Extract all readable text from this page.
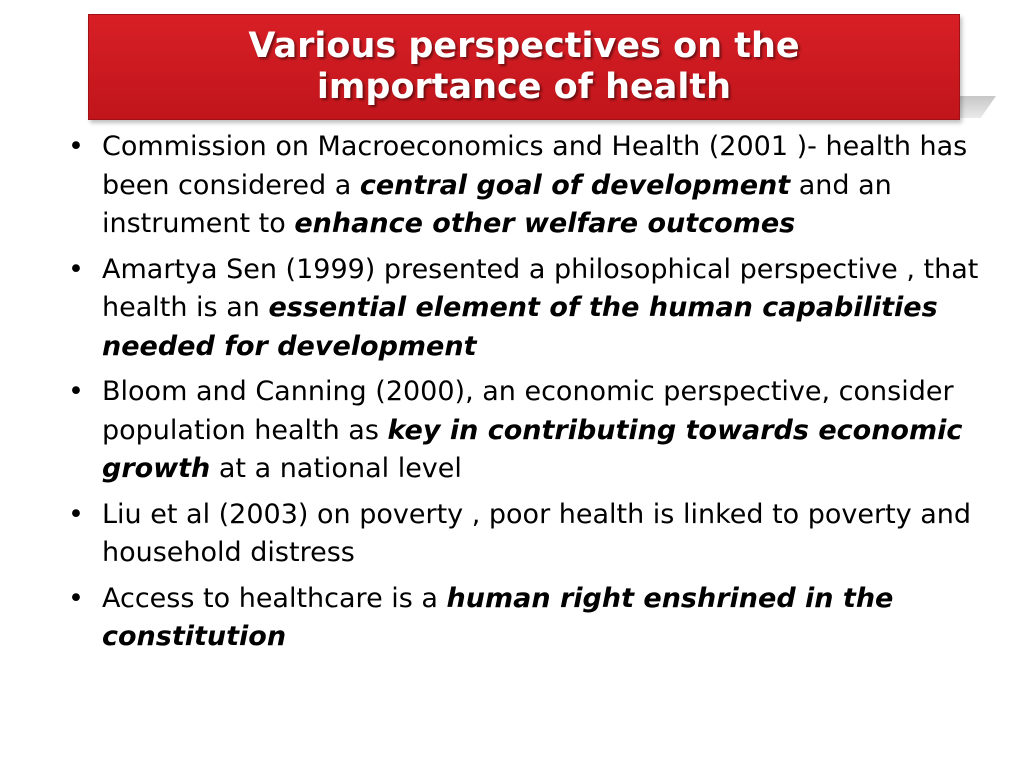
Various perspectives on the importance of health
• Commission on Macroeconomics and Health (2001 )- health has been considered a central goal of development and an instrument to enhance other welfare outcomes
• Amartya Sen (1999) presented a philosophical perspective , that health is an essential element of the human capabilities needed for development
• Bloom and Canning (2000), an economic perspective, consider population health as key in contributing towards economic growth at a national level
• Liu et al (2003) on poverty , poor health is linked to poverty and household distress
• Access to healthcare is a human right enshrined in the constitution
